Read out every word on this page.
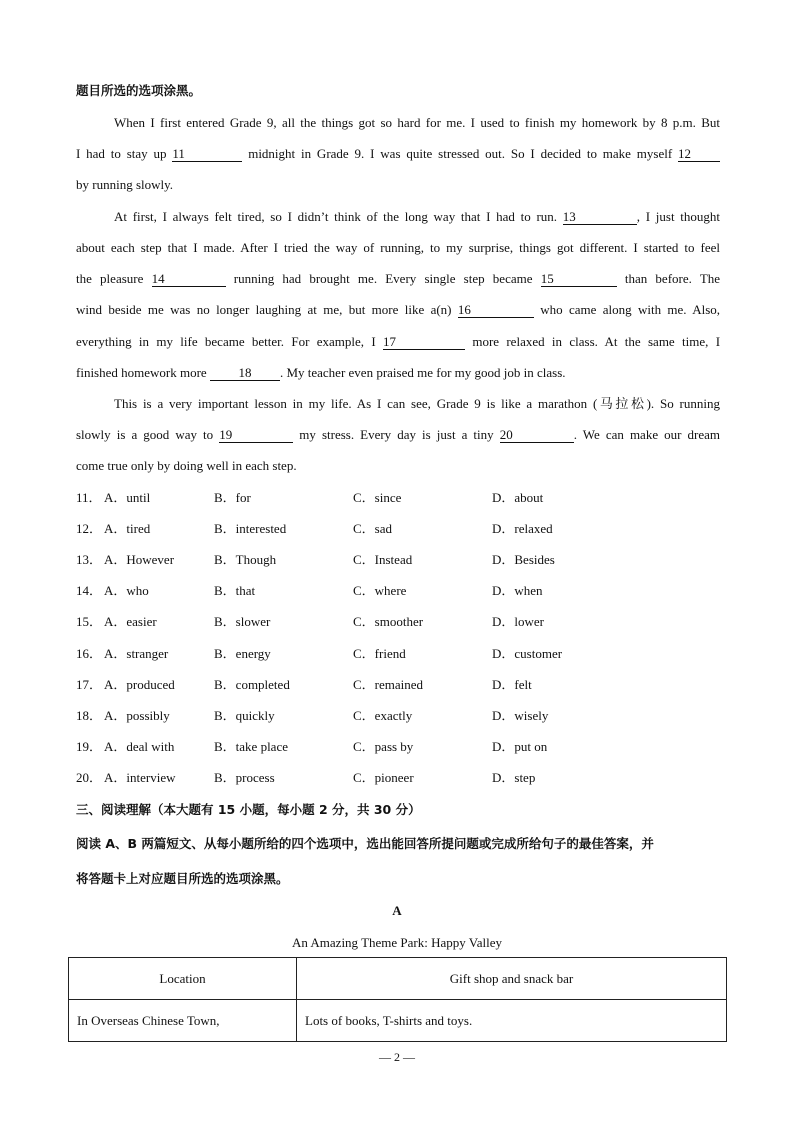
题目所选的选项涂黑。
When I first entered Grade 9, all the things got so hard for me. I used to finish my homework by 8 p.m. But
I had to stay up 11	midnight in Grade 9. I was quite stressed out. So I decided to make myself 12
by running slowly.
At first, I always felt tired, so I didn’t think of the long way that I had to run. 13	, I just thought
about each step that I made. After I tried the way of running, to my surprise, things got different. I started to feel
the pleasure 14	running had brought me. Every single step became 15	than before. The
wind beside me was no longer laughing at me, but more like a(n) 16	who came along with me. Also,
everything in my life became better. For example, I 17	more relaxed in class. At the same time, I
finished homework more 18 . My teacher even praised me for my good job in class.
This is a very important lesson in my life. As I can see, Grade 9 is like a marathon (马拉松). So running
slowly is a good way to 19	my stress. Every day is just a tiny 20	. We can make our dream
come true only by doing well in each step.
11． A．until	B．for	C．since	D．about
12． A．tired	B．interested	C．sad	D．relaxed
13． A．However	B．Though	C．Instead	D．Besides
14． A．who	B．that	C．where	D．when
15． A．easier	B．slower	C．smoother	D．lower
16． A．stranger	B．energy	C．friend	D．customer
17． A．produced	B．completed	C．remained	D．felt
18． A．possibly	B．quickly	C．exactly	D．wisely
19． A．deal with	B．take place	C．pass by	D．put on
20． A．interview	B．process	C．pioneer	D．step
三、阅读理解（本大题有 15 小题，每小题 2 分，共 30 分）
阅读 A、B 两篇短文、从每小题所给的四个选项中，选出能回答所提问题或完成所给句子的最佳答案，并
将答题卡上对应题目所选的选项涂黑。
A
An Amazing Theme Park: Happy Valley
Location	Gift shop and snack bar
In Overseas Chinese Town,	Lots of books, T-shirts and toys.
— 2 —
